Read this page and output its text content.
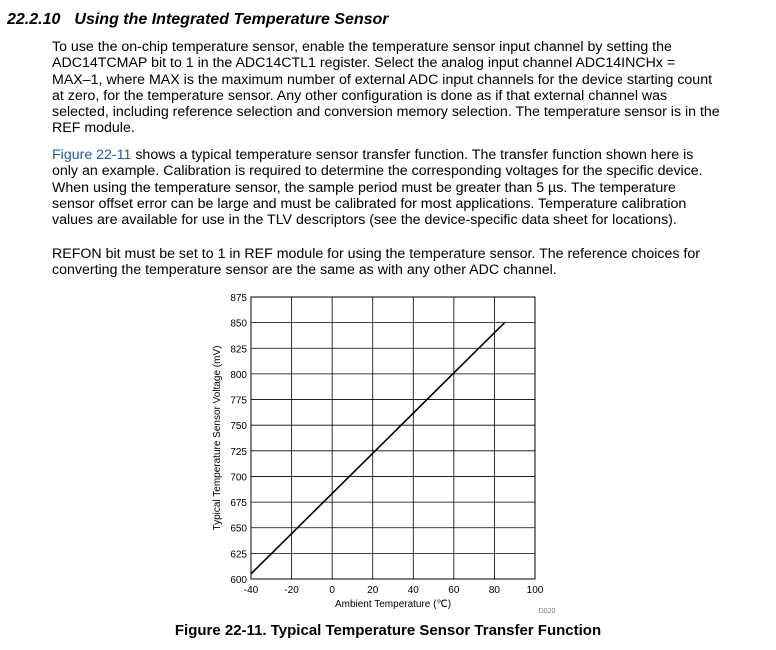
22.2.10 Using the Integrated Temperature Sensor
To use the on-chip temperature sensor, enable the temperature sensor input channel by setting the
ADC14TCMAP bit to 1 in the ADC14CTL1 register. Select the analog input channel ADC14INCHx =
MAX–1, where MAX is the maximum number of external ADC input channels for the device starting count
at zero, for the temperature sensor. Any other configuration is done as if that external channel was
selected, including reference selection and conversion memory selection. The temperature sensor is in the
REF module.
Figure 22-11 shows a typical temperature sensor transfer function. The transfer function shown here is
only an example. Calibration is required to determine the corresponding voltages for the specific device.
When using the temperature sensor, the sample period must be greater than 5 µs. The temperature
sensor offset error can be large and must be calibrated for most applications. Temperature calibration
values are available for use in the TLV descriptors (see the device-specific data sheet for locations).
REFON bit must be set to 1 in REF module for using the temperature sensor. The reference choices for
converting the temperature sensor are the same as with any other ADC channel.
600
625
650
675
700
725
750
775
800
825
850
875
-40	-20	0	20	40	60	80	100
Ambient Temperature (℃)
Typical Temperature Sensor Voltage (mV)
D020
Figure 22-11. Typical Temperature Sensor Transfer Function
